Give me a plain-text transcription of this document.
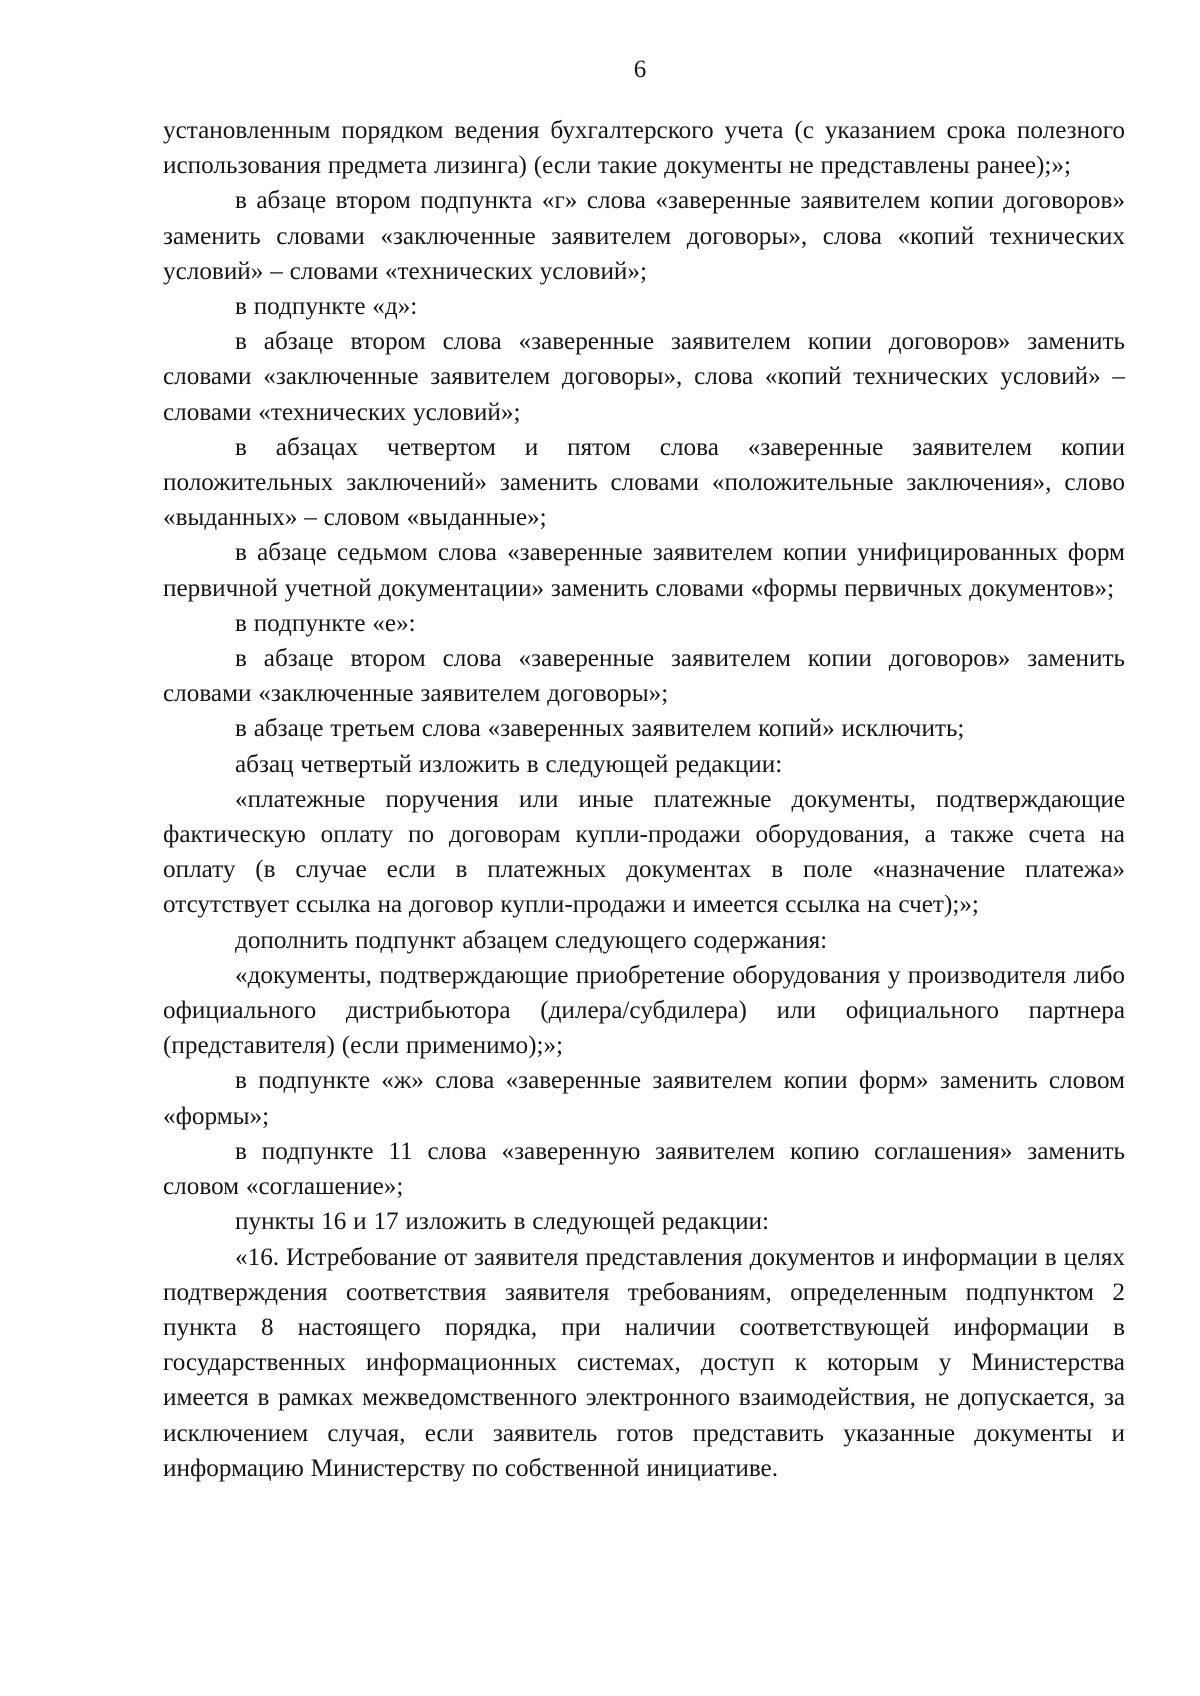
6

установленным порядком ведения бухгалтерского учета (с указанием срока полезного использования предмета лизинга) (если такие документы не представлены ранее);»;

в абзаце втором подпункта «г» слова «заверенные заявителем копии договоров» заменить словами «заключенные заявителем договоры», слова «копий технических условий» – словами «технических условий»;

в подпункте «д»:

в абзаце втором слова «заверенные заявителем копии договоров» заменить словами «заключенные заявителем договоры», слова «копий технических условий» – словами «технических условий»;

в абзацах четвертом и пятом слова «заверенные заявителем копии положительных заключений» заменить словами «положительные заключения», слово «выданных» – словом «выданные»;

в абзаце седьмом слова «заверенные заявителем копии унифицированных форм первичной учетной документации» заменить словами «формы первичных документов»;

в подпункте «е»:

в абзаце втором слова «заверенные заявителем копии договоров» заменить словами «заключенные заявителем договоры»;

в абзаце третьем слова «заверенных заявителем копий» исключить;

абзац четвертый изложить в следующей редакции:

«платежные поручения или иные платежные документы, подтверждающие фактическую оплату по договорам купли-продажи оборудования, а также счета на оплату (в случае если в платежных документах в поле «назначение платежа» отсутствует ссылка на договор купли-продажи и имеется ссылка на счет);»;

дополнить подпункт абзацем следующего содержания:

«документы, подтверждающие приобретение оборудования у производителя либо официального дистрибьютора (дилера/субдилера) или официального партнера (представителя) (если применимо);»;

в подпункте «ж» слова «заверенные заявителем копии форм» заменить словом «формы»;

в подпункте 11 слова «заверенную заявителем копию соглашения» заменить словом «соглашение»;

пункты 16 и 17 изложить в следующей редакции:

«16. Истребование от заявителя представления документов и информации в целях подтверждения соответствия заявителя требованиям, определенным подпунктом 2 пункта 8 настоящего порядка, при наличии соответствующей информации в государственных информационных системах, доступ к которым у Министерства имеется в рамках межведомственного электронного взаимодействия, не допускается, за исключением случая, если заявитель готов представить указанные документы и информацию Министерству по собственной инициативе.
